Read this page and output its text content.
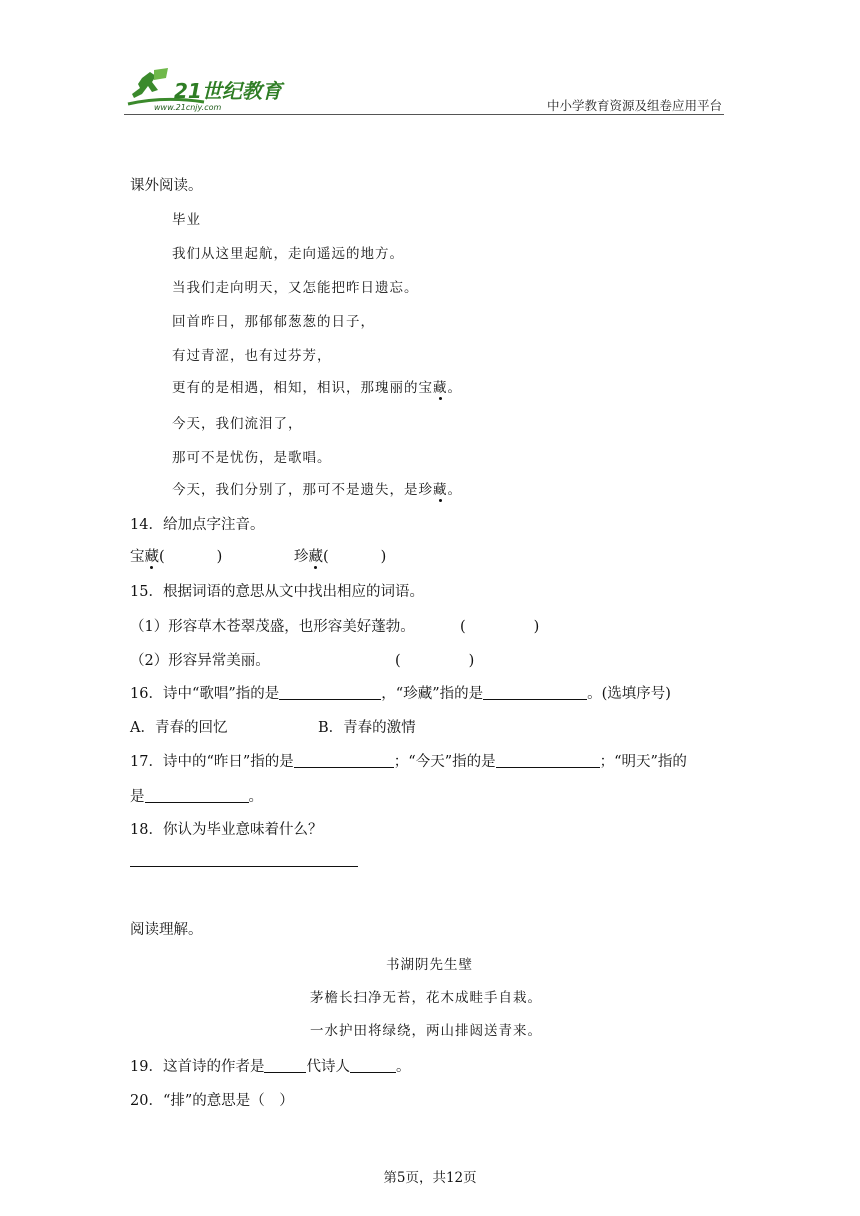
21世纪教育
www.21cnjy.com	中小学教育资源及组卷应用平台
课外阅读。
毕业
我们从这里起航，走向遥远的地方。
当我们走向明天，又怎能把昨日遗忘。
回首昨日，那郁郁葱葱的日子，
有过青涩，也有过芬芳，
更有的是相遇，相知，相识，那瑰丽的宝藏。
今天，我们流泪了，
那可不是忧伤，是歌唱。
今天，我们分别了，那可不是遗失，是珍藏。
14．给加点字注音。
宝藏(	)	珍藏(	)
15．根据词语的意思从文中找出相应的词语。
（1）形容草木苍翠茂盛，也形容美好蓬勃。	(	)
（2）形容异常美丽。	(	)
16．诗中“歌唱”指的是	，“珍藏”指的是	。(选填序号)
A．青春的回忆	B．青春的激情
17．诗中的“昨日”指的是	；“今天”指的是	；“明天”指的
是	。
18．你认为毕业意味着什么？
阅读理解。
书湖阴先生壁
茅檐长扫净无苔，花木成畦手自栽。
一水护田将绿绕，两山排闼送青来。
19．这首诗的作者是	代诗人	。
20．“排”的意思是（　）
第5页，共12页
